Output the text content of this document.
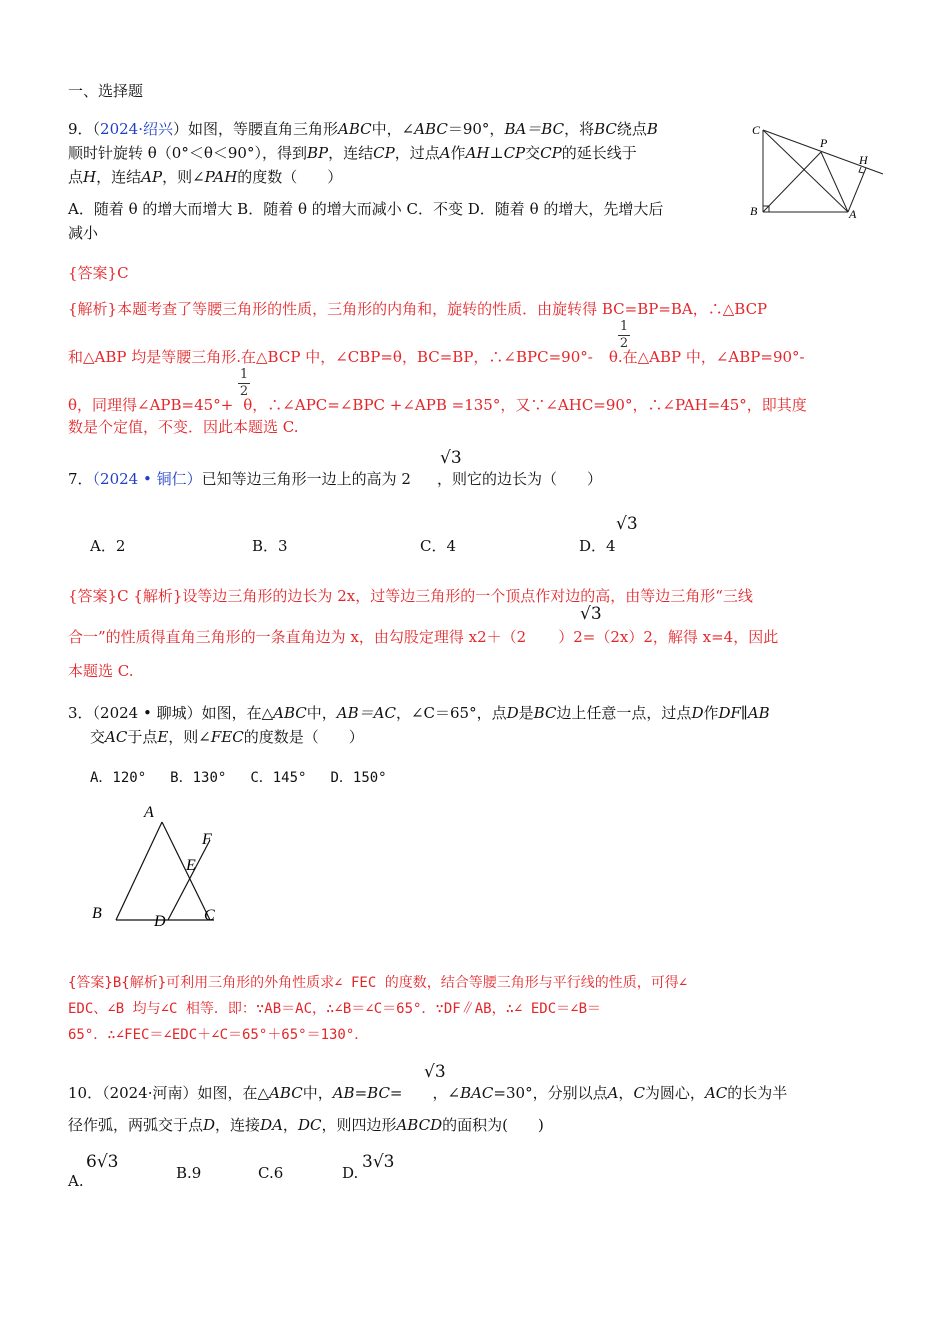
一、选择题
9．（2024·绍兴）如图，等腰直角三角形ABC中，∠ABC＝90°，BA＝BC，将BC绕点B
顺时针旋转 θ（0°＜θ＜90°），得到BP，连结CP，过点A作AH⊥CP交CP的延长线于
点H，连结AP，则∠PAH的度数（　　）
A．随着 θ 的增大而增大 B．随着 θ 的增大而减小 C．不变 D．随着 θ 的增大，先增大后
减小
C
P
H
B	A
{答案}C
{解析}本题考查了等腰三角形的性质，三角形的内角和，旋转的性质．由旋转得 BC=BP=BA，∴△BCP
和△ABP 均是等腰三角形.在△BCP 中，∠CBP=θ，BC=BP，∴∠BPC=90°- θ.在△ABP 中，∠ABP=90°-
1
2
θ，同理得∠APB=45°+ θ，∴∠APC=∠BPC +∠APB =135°，又∵∠AHC=90°，∴∠PAH=45°，即其度
1
2
数是个定值，不变．因此本题选 C.
7．（2024 • 铜仁）已知等边三角形一边上的高为 2 ，则它的边长为（　　）
√3
A．2	B．3	C．4	D．4
√3
{答案}C {解析}设等边三角形的边长为 2x，过等边三角形的一个顶点作对边的高，由等边三角形“三线
合一”的性质得直角三角形的一条直角边为 x，由勾股定理得 x2＋（2 ）2=（2x）2，解得 x=4，因此
√3
本题选 C.
3．（2024 • 聊城）如图，在△ABC中，AB＝AC，∠C＝65°，点D是BC边上任意一点，过点D作DF∥AB
交AC于点E，则∠FEC的度数是（　　）
A．120° B．130° C．145° D．150°
A
F
E
B	D C
{答案}B{解析}可利用三角形的外角性质求∠ FEC 的度数，结合等腰三角形与平行线的性质，可得∠
EDC、∠B 均与∠C 相等．即：∵AB＝AC，∴∠B＝∠C＝65°．∵DF∥AB，∴∠ EDC＝∠B＝
65°．∴∠FEC＝∠EDC＋∠C＝65°＋65°＝130°．
10．（2024·河南）如图，在△ABC中，AB=BC= ，∠BAC=30°，分别以点A，C为圆心，AC的长为半
√3
径作弧，两弧交于点D，连接DA，DC，则四边形ABCD的面积为(　　)
A.
6√3
B.9	C.6	D.
3√3
